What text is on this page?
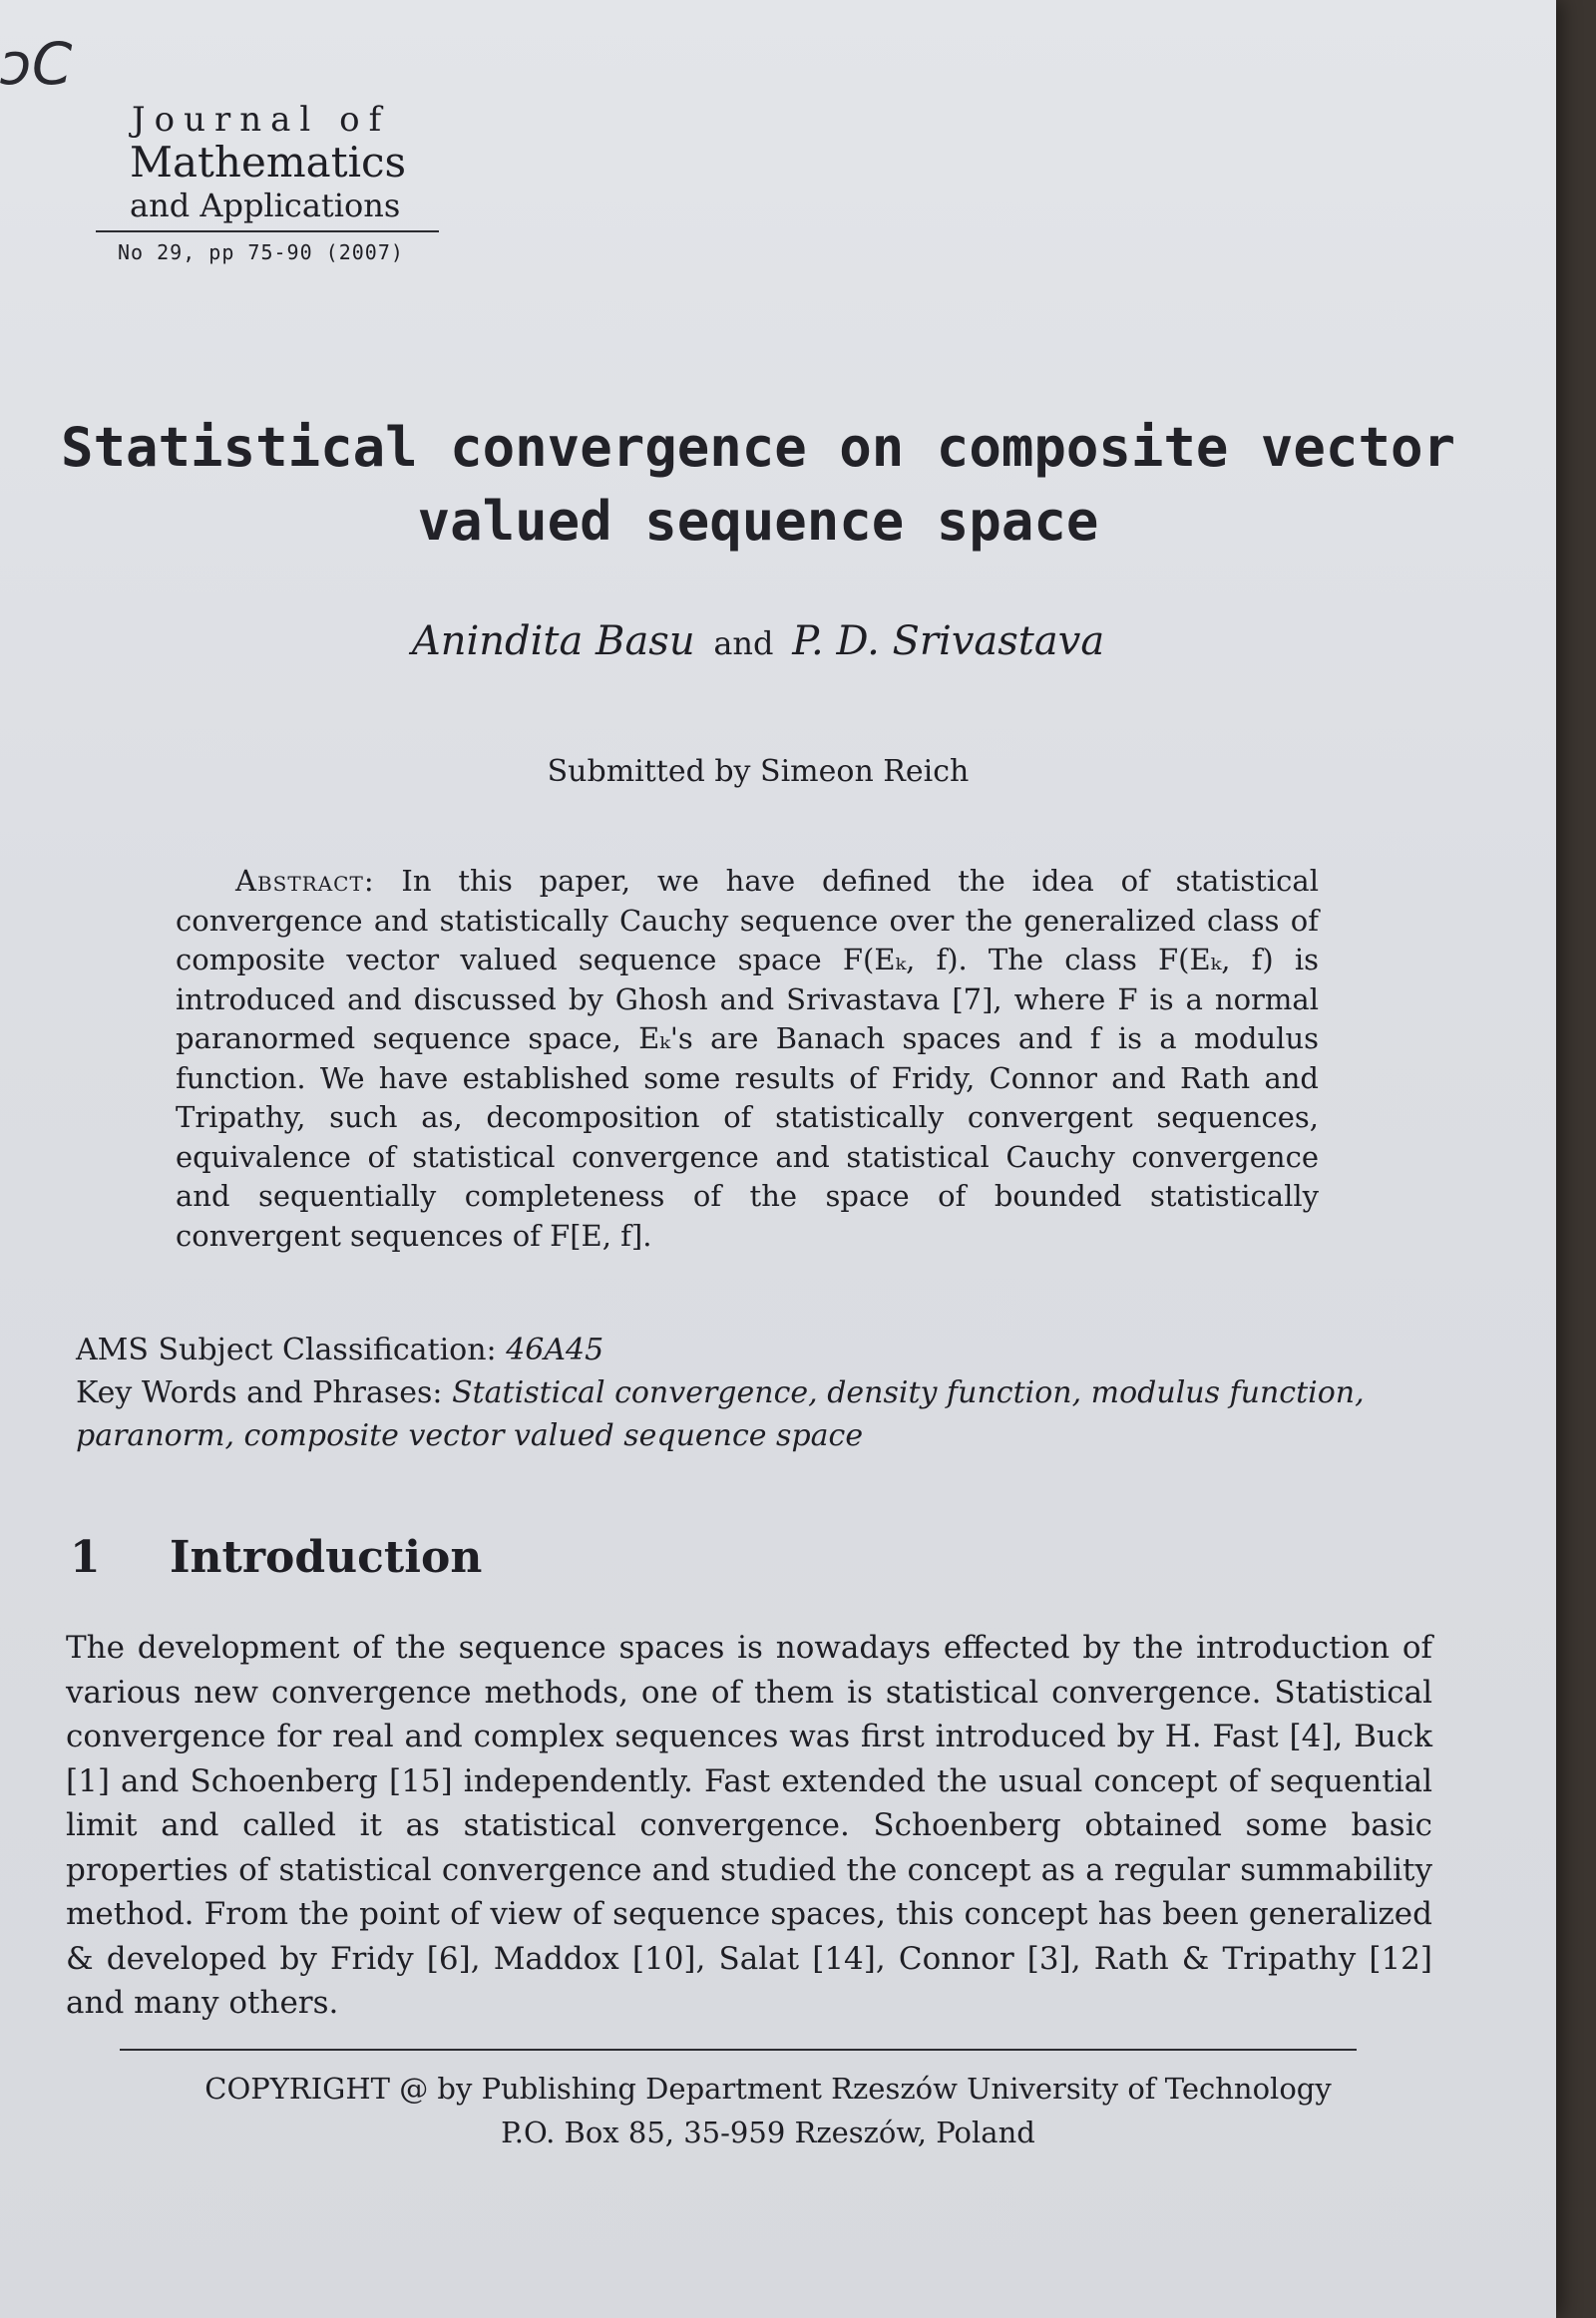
ɔC
Journal of
Mathematics
and Applications
No 29, pp 75-90 (2007)
Statistical convergence on composite vector valued sequence space
Anindita Basu and P. D. Srivastava
Submitted by Simeon Reich
Abstract: In this paper, we have defined the idea of statistical convergence and statistically Cauchy sequence over the generalized class of composite vector valued sequence space F(Eₖ, f). The class F(Eₖ, f) is introduced and discussed by Ghosh and Srivastava [7], where F is a normal paranormed sequence space, Eₖ's are Banach spaces and f is a modulus function. We have established some results of Fridy, Connor and Rath and Tripathy, such as, decomposition of statistically convergent sequences, equivalence of statistical convergence and statistical Cauchy convergence and sequentially completeness of the space of bounded statistically convergent sequences of F[E, f].
AMS Subject Classification: 46A45
Key Words and Phrases: Statistical convergence, density function, modulus function, paranorm, composite vector valued sequence space
1 Introduction
The development of the sequence spaces is nowadays effected by the introduction of various new convergence methods, one of them is statistical convergence. Statistical convergence for real and complex sequences was first introduced by H. Fast [4], Buck [1] and Schoenberg [15] independently. Fast extended the usual concept of sequential limit and called it as statistical convergence. Schoenberg obtained some basic properties of statistical convergence and studied the concept as a regular summability method. From the point of view of sequence spaces, this concept has been generalized & developed by Fridy [6], Maddox [10], Salat [14], Connor [3], Rath & Tripathy [12] and many others.
COPYRIGHT @ by Publishing Department Rzeszów University of Technology
P.O. Box 85, 35-959 Rzeszów, Poland
